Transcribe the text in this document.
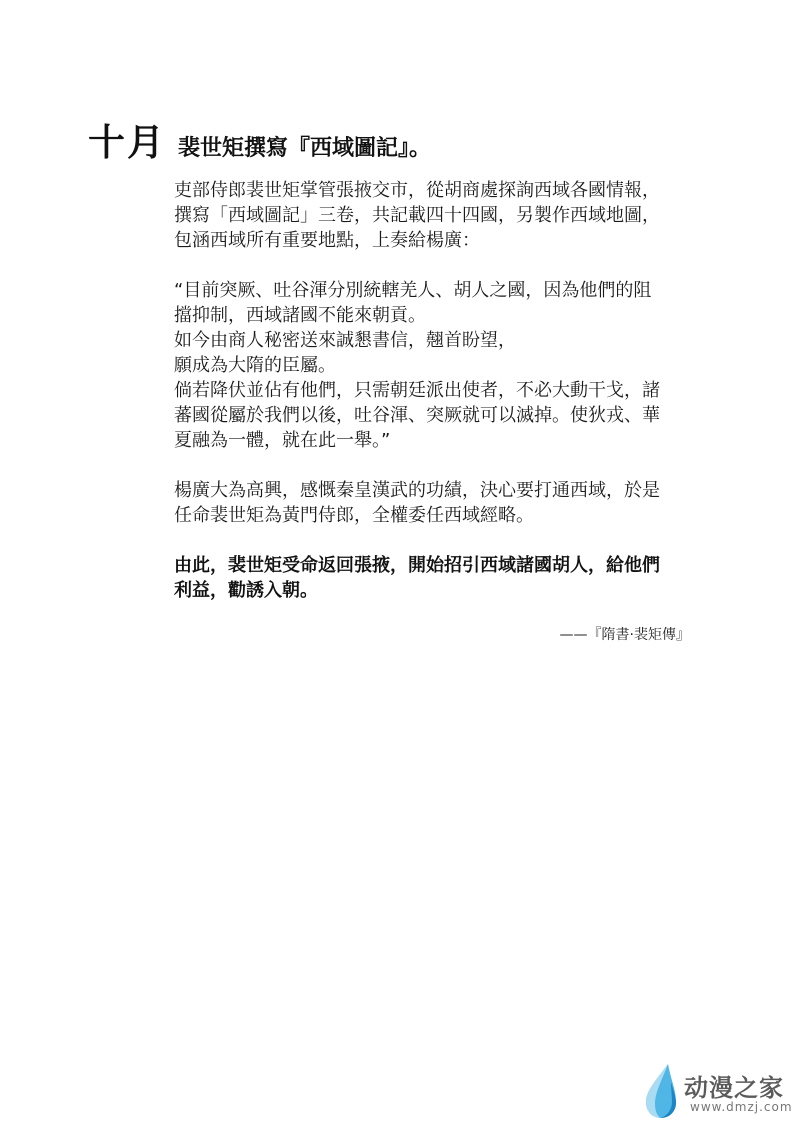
十月 裴世矩撰寫『西域圖記』。
吏部侍郎裴世矩掌管張掖交市，從胡商處探詢西域各國情報，
撰寫「西域圖記」三卷，共記載四十四國，另製作西域地圖，
包涵西域所有重要地點，上奏給楊廣：
“目前突厥、吐谷渾分別統轄羌人、胡人之國，因為他們的阻
擋抑制，西域諸國不能來朝貢。
如今由商人秘密送來誠懇書信，翹首盼望，
願成為大隋的臣屬。
倘若降伏並佔有他們，只需朝廷派出使者，不必大動干戈，諸
蕃國從屬於我們以後，吐谷渾、突厥就可以滅掉。使狄戎、華
夏融為一體，就在此一舉。”
楊廣大為高興，感慨秦皇漢武的功績，決心要打通西域，於是
任命裴世矩為黃門侍郎，全權委任西域經略。
由此，裴世矩受命返回張掖，開始招引西域諸國胡人，給他們
利益，勸誘入朝。
——『隋書·裴矩傳』
动漫之家
www.dmzj.com
